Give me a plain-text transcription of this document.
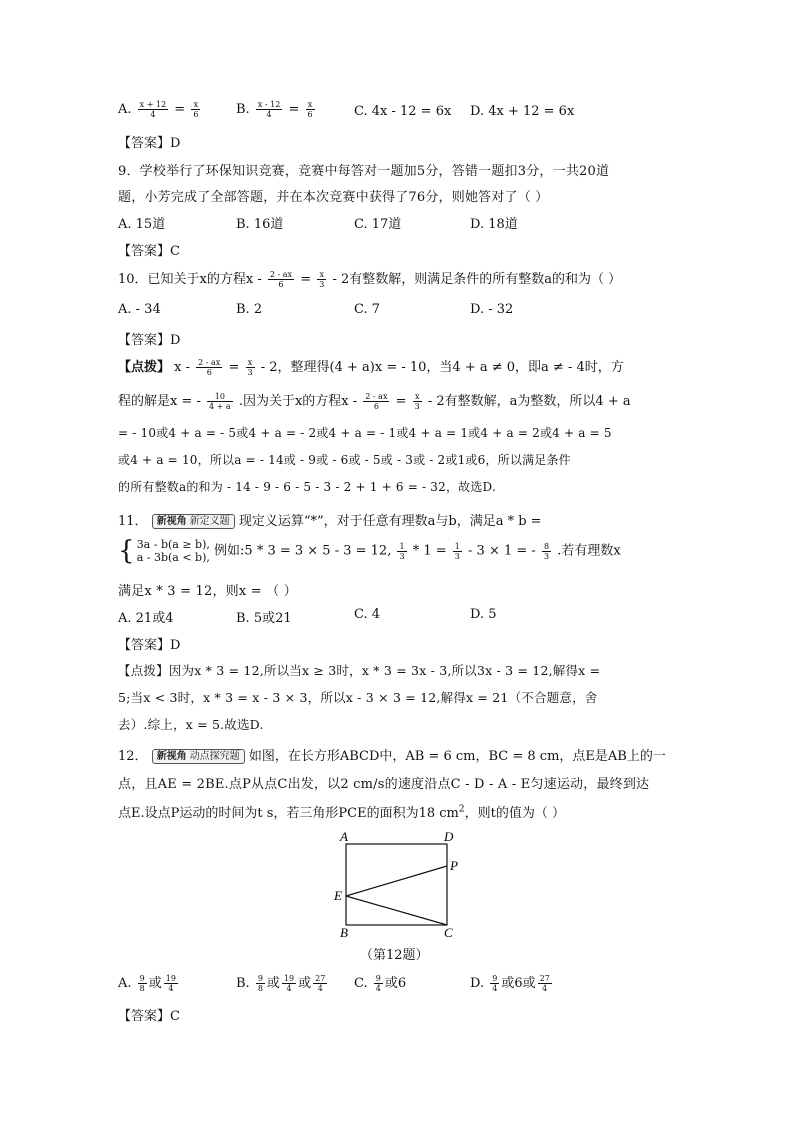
A. $\frac{x + 12}{4} = \frac{x}{6}$	B. $\frac{x - 12}{4} = \frac{x}{6}$	C. 4x - 12 = 6x D. 4x + 12 = 6x
【答案】D
9．学校举行了环保知识竞赛，竞赛中每答对一题加5分，答错一题扣3分，一共20道
题，小芳完成了全部答题，并在本次竞赛中获得了76分，则她答对了（ ）
A. 15道	B. 16道	C. 17道	D. 18道
【答案】C
10．已知关于x的方程$x - \frac{2 - ax}{6} = \frac{x}{3} - 2$有整数解，则满足条件的所有整数a的和为（ ）
A. - 34	B. 2	C. 7	D. - 32
【答案】D
【点拨】 $x - \frac{2 - ax}{6} = \frac{x}{3} - 2$，整理得(4 + a)x = - 10，当4 + a ≠ 0，即a ≠ - 4时，方
程的解是x = - $\frac{10}{4 + a}$ .因为关于x的方程$x - \frac{2 - ax}{6} = \frac{x}{3} - 2$有整数解，a为整数，所以4 + a
= - 10或4 + a = - 5或4 + a = - 2或4 + a = - 1或4 + a = 1或4 + a = 2或4 + a = 5
或4 + a = 10，所以a = - 14或 - 9或 - 6或 - 5或 - 3或 - 2或1或6，所以满足条件
的所有整数a的和为 - 14 - 9 - 6 - 5 - 3 - 2 + 1 + 6 = - 32，故选D.
11． 新视角 新定义题 现定义运算“*”，对于任意有理数a与b，满足a * b =
{ 3a - b(a ≥ b),
a - 3b(a < b), 例如:5 * 3 = 3 × 5 - 3 = 12, $\frac{1}{3} * 1 = \frac{1}{3} - 3 \times 1$ = - $\frac{8}{3}$ .若有理数x
满足x * 3 = 12，则x = （ ）
A. 21或4	B. 5或21	C. 4	D. 5
【答案】D
【点拨】因为x * 3 = 12,所以当x ≥ 3时，x * 3 = 3x - 3,所以3x - 3 = 12,解得x =
5;当x < 3时，x * 3 = x - 3 × 3，所以x - 3 × 3 = 12,解得x = 21（不合题意，舍
去）.综上，x = 5.故选D.
12． 新视角 动点探究题 如图，在长方形ABCD中，AB = 6 cm，BC = 8 cm，点E是AB上的一
点，且AE = 2BE.点P从点C出发，以2 cm/s的速度沿点C - D - A - E匀速运动，最终到达
点E.设点P运动的时间为t s，若三角形PCE的面积为18 $cm^2$，则t的值为（ ）
A	D
P
E
B	C
（第12题）
A. $\frac{9}{8}$ 或 $\frac{19}{4}$	B. $\frac{9}{8}$ 或 $\frac{19}{4}$ 或 $\frac{27}{4} C$. $\frac{9}{4}$ 或6	D. $\frac{9}{4}$ 或6或 $\frac{27}{4}$
【答案】C
